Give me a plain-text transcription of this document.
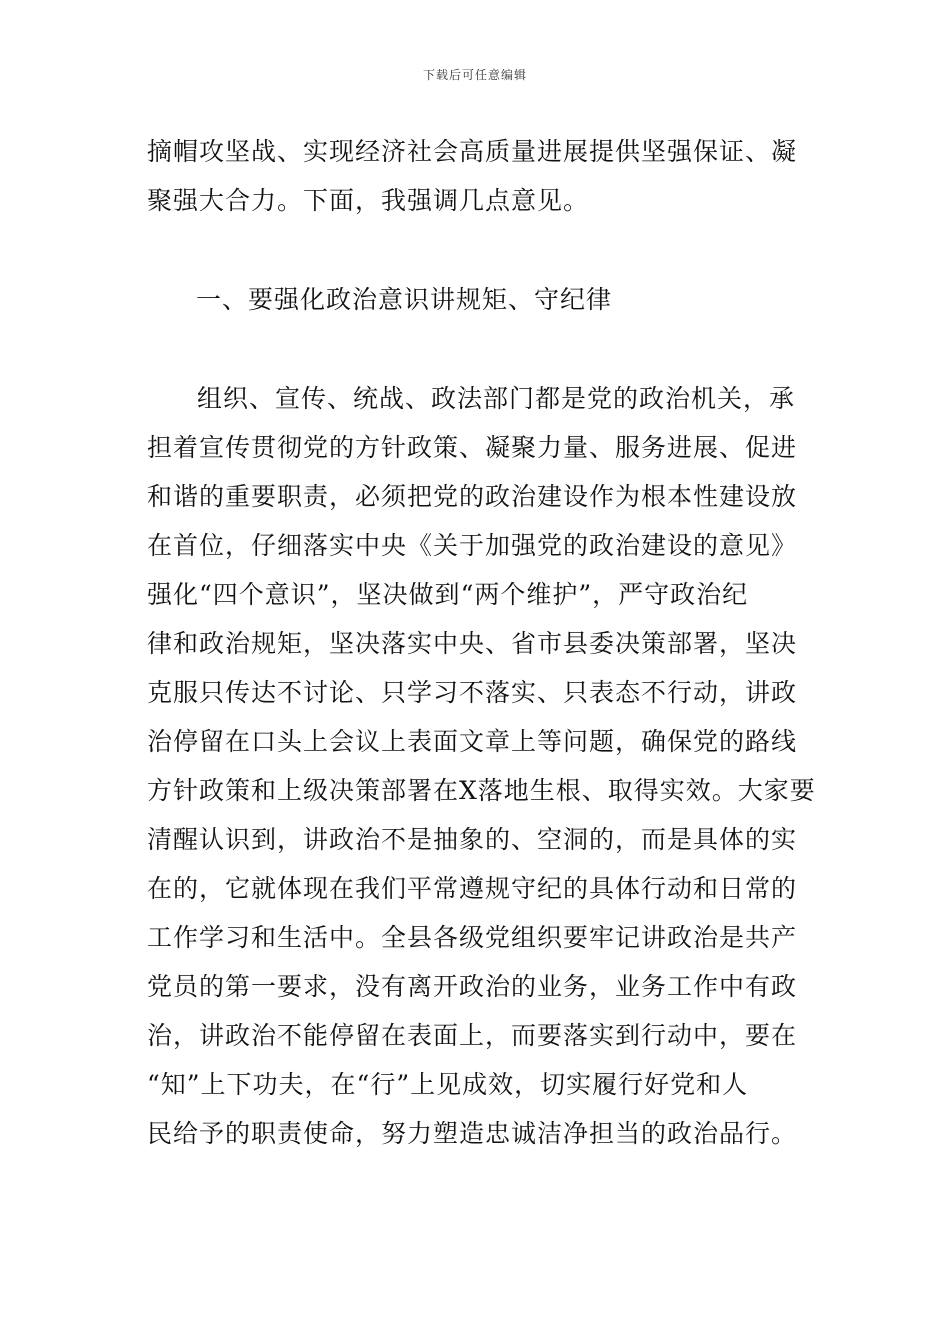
下载后可任意编辑

摘帽攻坚战、实现经济社会高质量进展提供坚强保证、凝
聚强大合力。下面，我强调几点意见。

一、要强化政治意识讲规矩、守纪律

组织、宣传、统战、政法部门都是党的政治机关，承
担着宣传贯彻党的方针政策、凝聚力量、服务进展、促进
和谐的重要职责，必须把党的政治建设作为根本性建设放
在首位，仔细落实中央《关于加强党的政治建设的意见》
强化“四个意识”，坚决做到“两个维护”，严守政治纪
律和政治规矩，坚决落实中央、省市县委决策部署，坚决
克服只传达不讨论、只学习不落实、只表态不行动，讲政
治停留在口头上会议上表面文章上等问题，确保党的路线
方针政策和上级决策部署在X落地生根、取得实效。大家要
清醒认识到，讲政治不是抽象的、空洞的，而是具体的实
在的，它就体现在我们平常遵规守纪的具体行动和日常的
工作学习和生活中。全县各级党组织要牢记讲政治是共产
党员的第一要求，没有离开政治的业务，业务工作中有政
治，讲政治不能停留在表面上，而要落实到行动中，要在
“知”上下功夫，在“行”上见成效，切实履行好党和人
民给予的职责使命，努力塑造忠诚洁净担当的政治品行。
